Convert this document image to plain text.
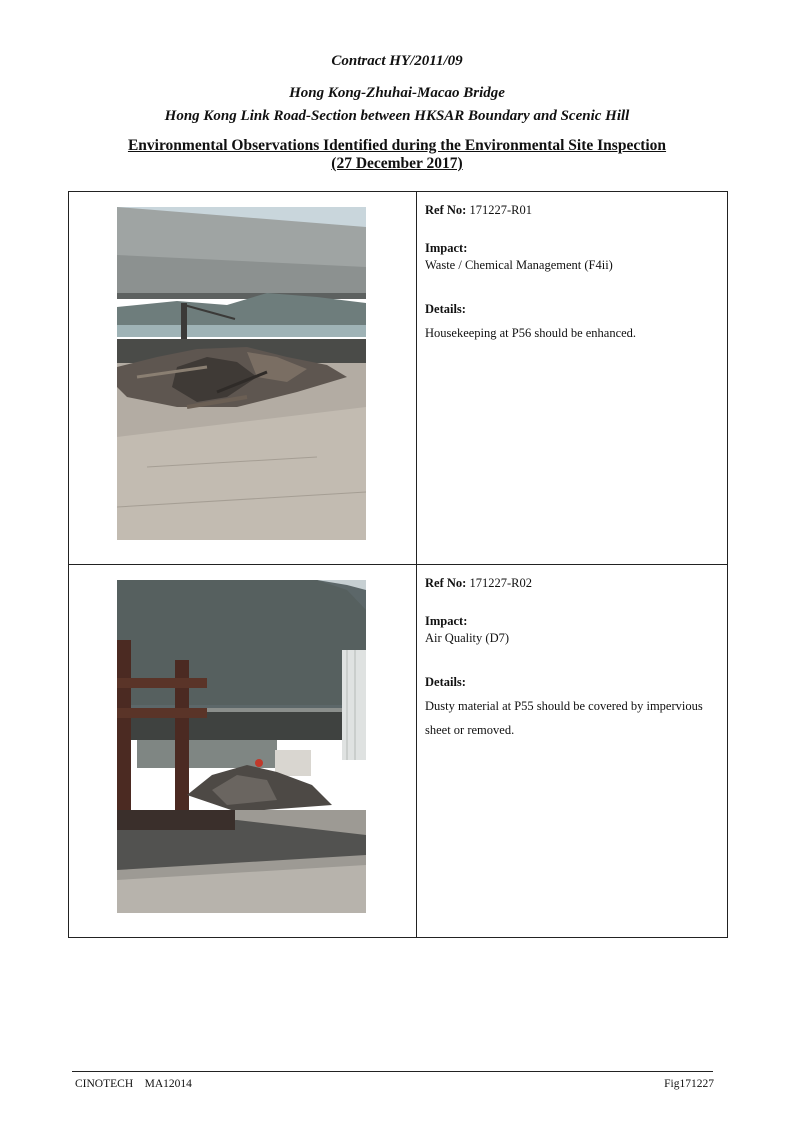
Contract HY/2011/09
Hong Kong-Zhuhai-Macao Bridge
Hong Kong Link Road-Section between HKSAR Boundary and Scenic Hill
Environmental Observations Identified during the Environmental Site Inspection
(27 December 2017)

Ref No: 171227-R01
Impact:
Waste / Chemical Management (F4ii)
Details:
Housekeeping at P56 should be enhanced.

Ref No: 171227-R02
Impact:
Air Quality (D7)
Details:
Dusty material at P55 should be covered by impervious sheet or removed.
CINOTECH    MA12014	Fig171227
